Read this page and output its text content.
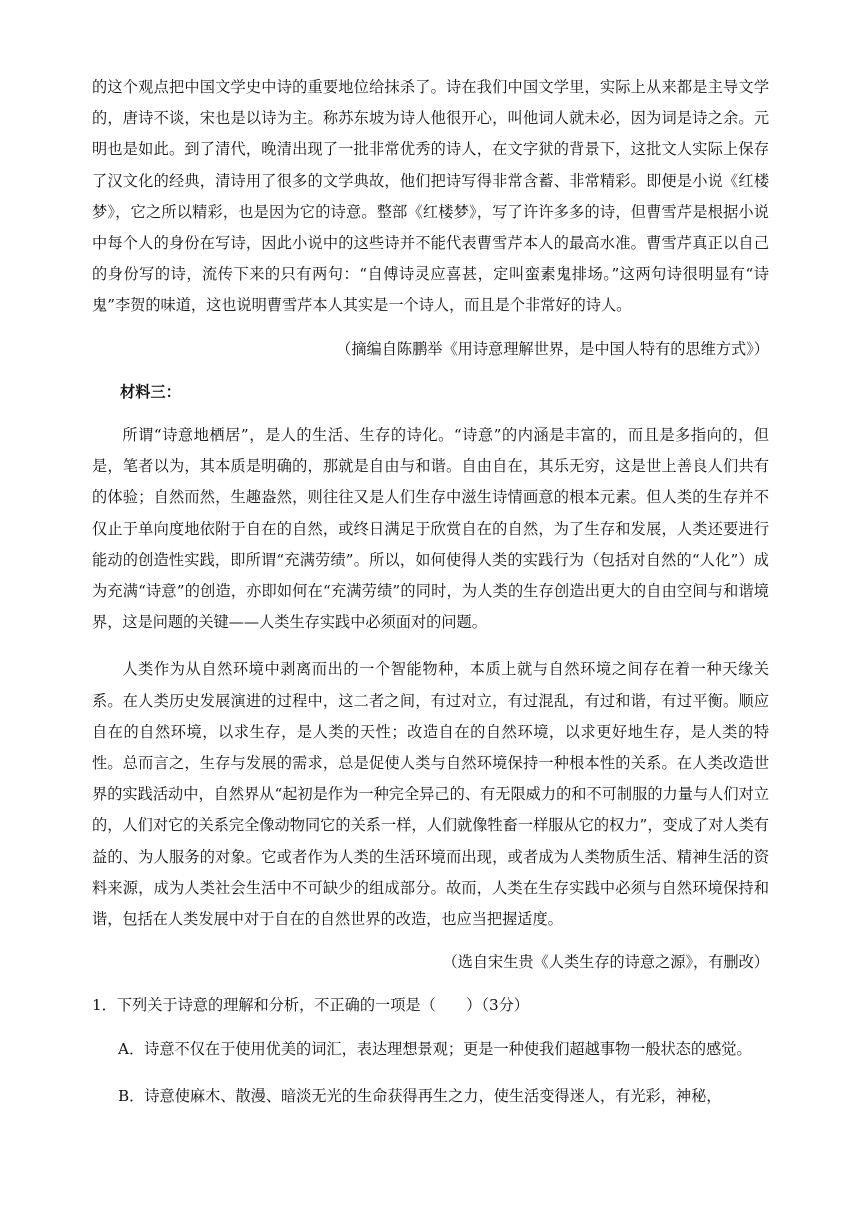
的这个观点把中国文学史中诗的重要地位给抹杀了。诗在我们中国文学里，实际上从来都是主导文学的，唐诗不谈，宋也是以诗为主。称苏东坡为诗人他很开心，叫他词人就未必，因为词是诗之余。元明也是如此。到了清代，晚清出现了一批非常优秀的诗人，在文字狱的背景下，这批文人实际上保存了汉文化的经典，清诗用了很多的文学典故，他们把诗写得非常含蓄、非常精彩。即便是小说《红楼梦》，它之所以精彩，也是因为它的诗意。整部《红楼梦》，写了许许多多的诗，但曹雪芹是根据小说中每个人的身份在写诗，因此小说中的这些诗并不能代表曹雪芹本人的最高水准。曹雪芹真正以自己的身份写的诗，流传下来的只有两句：“自傅诗灵应喜甚，定叫蛮素鬼排场。”这两句诗很明显有“诗鬼”李贺的味道，这也说明曹雪芹本人其实是一个诗人，而且是个非常好的诗人。

（摘编自陈鹏举《用诗意理解世界，是中国人特有的思维方式》）

材料三：

所谓“诗意地栖居”，是人的生活、生存的诗化。“诗意”的内涵是丰富的，而且是多指向的，但是，笔者以为，其本质是明确的，那就是自由与和谐。自由自在，其乐无穷，这是世上善良人们共有的体验；自然而然，生趣盎然，则往往又是人们生存中滋生诗情画意的根本元素。但人类的生存并不仅止于单向度地依附于自在的自然，或终日满足于欣赏自在的自然，为了生存和发展，人类还要进行能动的创造性实践，即所谓“充满劳绩”。所以，如何使得人类的实践行为（包括对自然的“人化”）成为充满“诗意”的创造，亦即如何在“充满劳绩”的同时，为人类的生存创造出更大的自由空间与和谐境界，这是问题的关键——人类生存实践中必须面对的问题。

人类作为从自然环境中剥离而出的一个智能物种，本质上就与自然环境之间存在着一种天缘关系。在人类历史发展演进的过程中，这二者之间，有过对立，有过混乱，有过和谐，有过平衡。顺应自在的自然环境，以求生存，是人类的天性；改造自在的自然环境，以求更好地生存，是人类的特性。总而言之，生存与发展的需求，总是促使人类与自然环境保持一种根本性的关系。在人类改造世界的实践活动中，自然界从“起初是作为一种完全异己的、有无限威力的和不可制服的力量与人们对立的，人们对它的关系完全像动物同它的关系一样，人们就像牲畜一样服从它的权力”，变成了对人类有益的、为人服务的对象。它或者作为人类的生活环境而出现，或者成为人类物质生活、精神生活的资料来源，成为人类社会生活中不可缺少的组成部分。故而，人类在生存实践中必须与自然环境保持和谐，包括在人类发展中对于自在的自然世界的改造，也应当把握适度。

（选自宋生贵《人类生存的诗意之源》，有删改）

1．下列关于诗意的理解和分析，不正确的一项是（　　）（3分）

A．诗意不仅在于使用优美的词汇，表达理想景观；更是一种使我们超越事物一般状态的感觉。

B．诗意使麻木、散漫、暗淡无光的生命获得再生之力，使生活变得迷人，有光彩，神秘，
